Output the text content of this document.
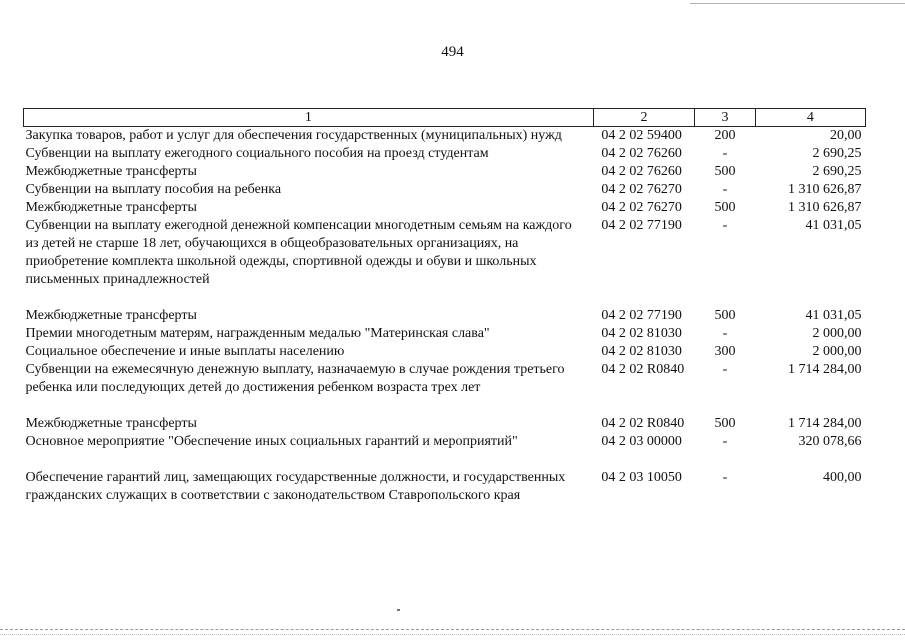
494
1	2	3	4
Закупка товаров, работ и услуг для обеспечения государственных (муниципальных) нужд	04 2 02 59400	200	20,00
Субвенции на выплату ежегодного социального пособия на проезд студентам	04 2 02 76260	-	2 690,25
Межбюджетные трансферты	04 2 02 76260	500	2 690,25
Субвенции на выплату пособия на ребенка	04 2 02 76270	-	1 310 626,87
Межбюджетные трансферты	04 2 02 76270	500	1 310 626,87
Субвенции на выплату ежегодной денежной компенсации многодетным семьям на каждого из детей не старше 18 лет, обучающихся в общеобразовательных организациях, на приобретение комплекта школьной одежды, спортивной одежды и обуви и школьных письменных принадлежностей	04 2 02 77190	-	41 031,05
Межбюджетные трансферты	04 2 02 77190	500	41 031,05
Премии многодетным матерям, награжденным медалью "Материнская слава"	04 2 02 81030	-	2 000,00
Социальное обеспечение и иные выплаты населению	04 2 02 81030	300	2 000,00
Субвенции на ежемесячную денежную выплату, назначаемую в случае рождения третьего ребенка или последующих детей до достижения ребенком возраста трех лет	04 2 02 R0840	-	1 714 284,00
Межбюджетные трансферты	04 2 02 R0840	500	1 714 284,00
Основное мероприятие "Обеспечение иных социальных гарантий и мероприятий"	04 2 03 00000	-	320 078,66
Обеспечение гарантий лиц, замещающих государственные должности, и государственных гражданских служащих в соответствии с законодательством Ставропольского края	04 2 03 10050	-	400,00
